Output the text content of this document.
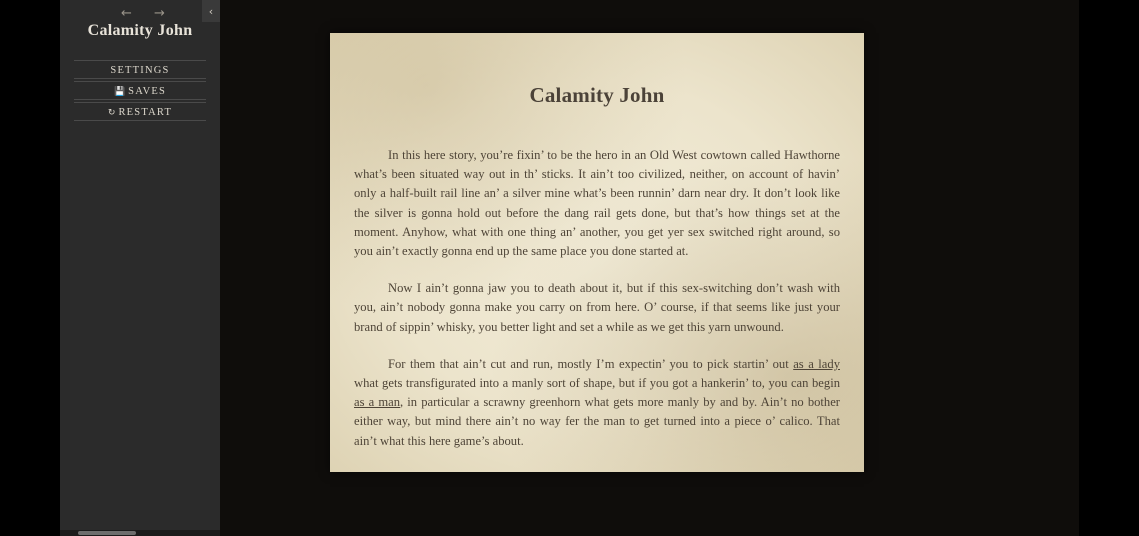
←	→
Calamity John
SETTINGS
💾 SAVES
↻ RESTART
‹
Calamity John

In this here story, you’re fixin’ to be the hero in an Old West cowtown called Hawthorne what’s been situated way out in th’ sticks. It ain’t too civilized, neither, on account of havin’ only a half-built rail line an’ a silver mine what’s been runnin’ darn near dry. It don’t look like the silver is gonna hold out before the dang rail gets done, but that’s how things set at the moment. Anyhow, what with one thing an’ another, you get yer sex switched right around, so you ain’t exactly gonna end up the same place you done started at.

Now I ain’t gonna jaw you to death about it, but if this sex-switching don’t wash with you, ain’t nobody gonna make you carry on from here. O’ course, if that seems like just your brand of sippin’ whisky, you better light and set a while as we get this yarn unwound.

For them that ain’t cut and run, mostly I’m expectin’ you to pick startin’ out as a lady what gets transfigurated into a manly sort of shape, but if you got a hankerin’ to, you can begin as a man, in particular a scrawny greenhorn what gets more manly by and by. Ain’t no bother either way, but mind there ain’t no way fer the man to get turned into a piece o’ calico. That ain’t what this here game’s about.
